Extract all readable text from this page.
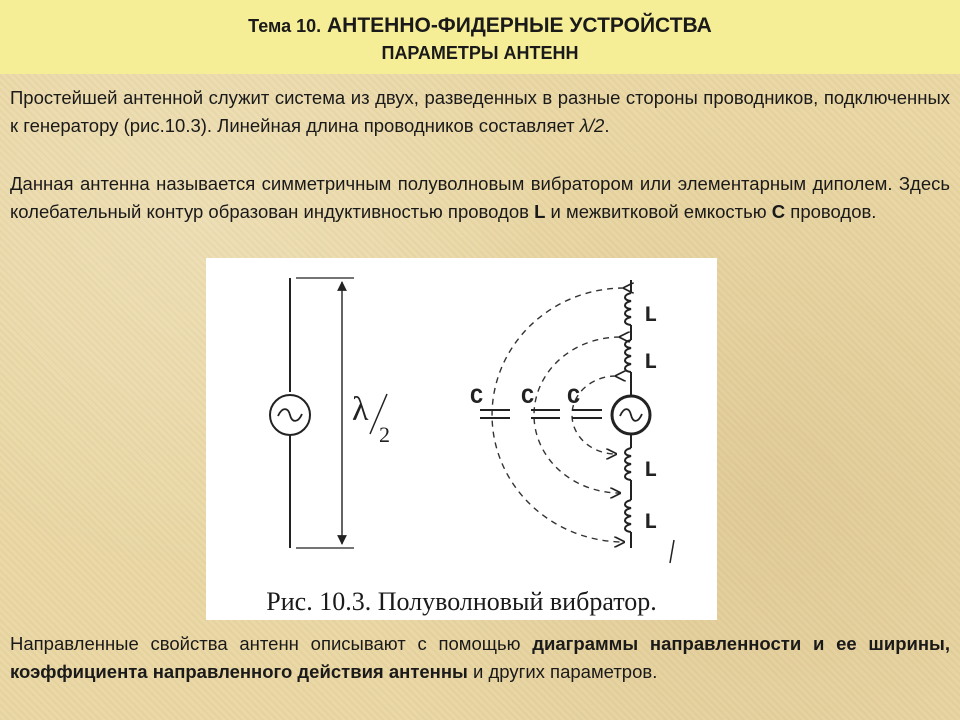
Тема 10. АНТЕННО-ФИДЕРНЫЕ УСТРОЙСТВА
ПАРАМЕТРЫ АНТЕНН

Простейшей антенной служит система из двух, разведенных в разные стороны проводников, подключенных к генератору (рис.10.3). Линейная длина проводников составляет λ/2.

Данная антенна называется симметричным полуволновым вибратором или элементарным диполем. Здесь колебательный контур образован индуктивностью проводов L и межвитковой емкостью С проводов.

λ
2
L
L
L
L
C C C
Рис. 10.3. Полуволновый вибратор.

Направленные свойства антенн описывают с помощью диаграммы направленности и ее ширины, коэффициента направленного действия антенны и других параметров.
